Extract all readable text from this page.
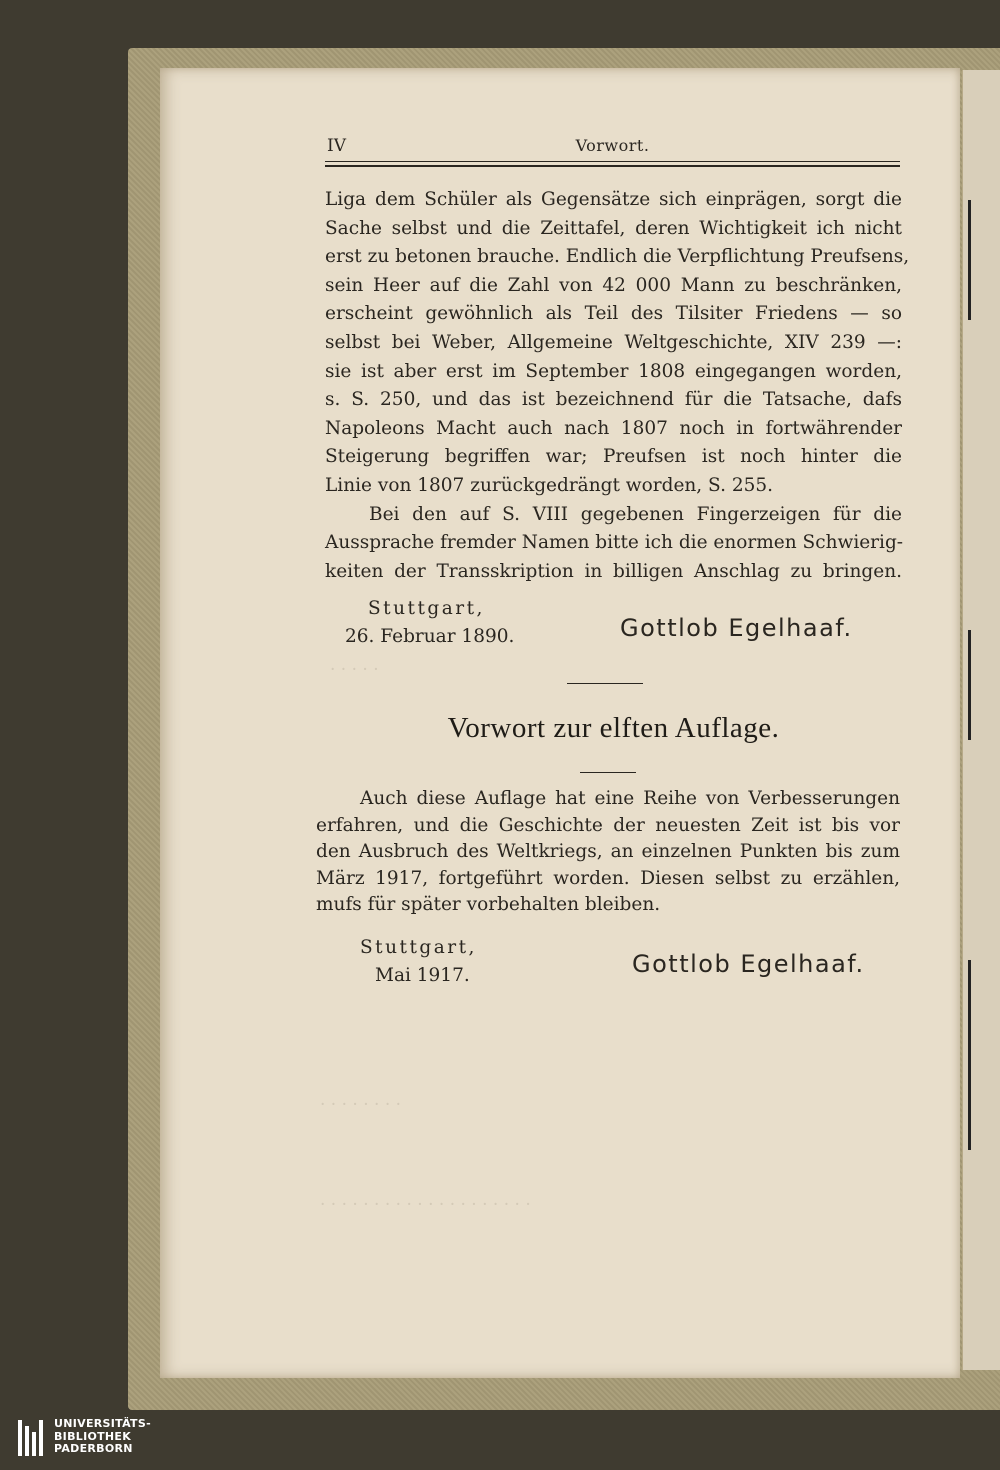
· · · · ·
· · · · · · · ·
· · · · · · · · · · · · · · · · · · · ·
IV	Vorwort.

Liga dem Schüler als Gegensätze sich einprägen, sorgt die
Sache selbst und die Zeittafel, deren Wichtigkeit ich nicht
erst zu betonen brauche. Endlich die Verpflichtung Preufsens,
sein Heer auf die Zahl von 42 000 Mann zu beschränken,
erscheint gewöhnlich als Teil des Tilsiter Friedens — so
selbst bei Weber, Allgemeine Weltgeschichte, XIV 239 —:
sie ist aber erst im September 1808 eingegangen worden,
s. S. 250, und das ist bezeichnend für die Tatsache, dafs
Napoleons Macht auch nach 1807 noch in fortwährender
Steigerung begriffen war; Preufsen ist noch hinter die
Linie von 1807 zurückgedrängt worden, S. 255.
Bei den auf S. VIII gegebenen Fingerzeigen für die
Aussprache fremder Namen bitte ich die enormen Schwierig-
keiten der Transskription in billigen Anschlag zu bringen.

Stuttgart,
26. Februar 1890.	Gottlob Egelhaaf.
Vorwort zur elften Auflage.

Auch diese Auflage hat eine Reihe von Verbesserungen
erfahren, und die Geschichte der neuesten Zeit ist bis vor
den Ausbruch des Weltkriegs, an einzelnen Punkten bis zum
März 1917, fortgeführt worden. Diesen selbst zu erzählen,
mufs für später vorbehalten bleiben.

Stuttgart,
Mai 1917.	Gottlob Egelhaaf.
UNIVERSITÄTS-
BIBLIOTHEK
PADERBORN
